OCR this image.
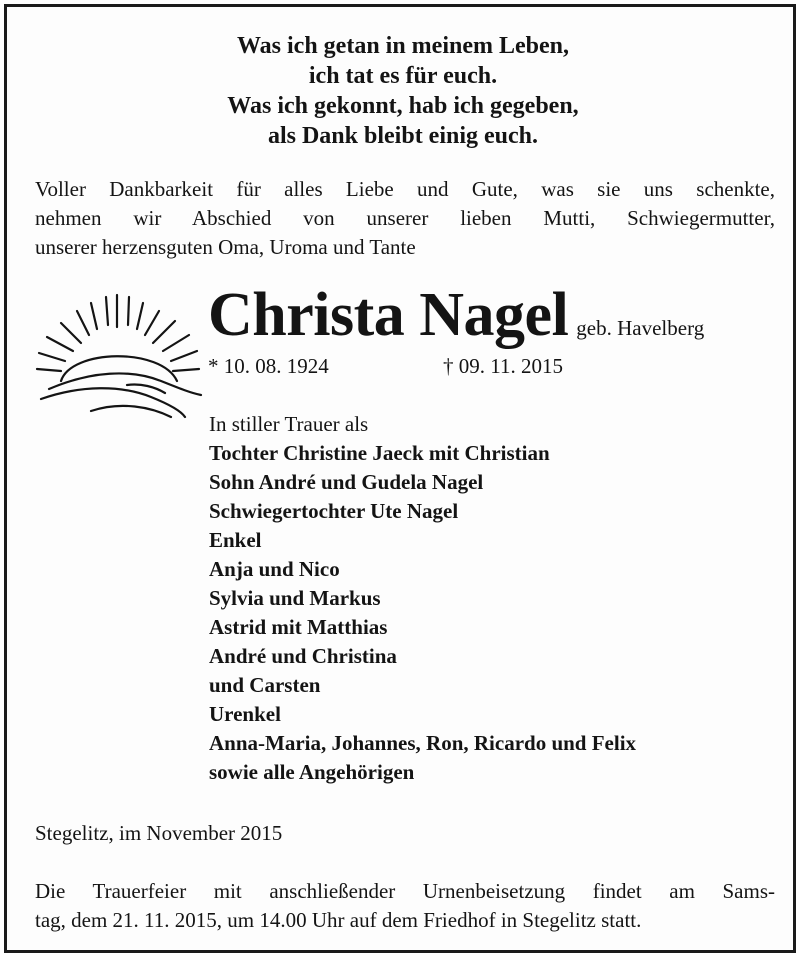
Was ich getan in meinem Leben,
ich tat es für euch.
Was ich gekonnt, hab ich gegeben,
als Dank bleibt einig euch.
Voller Dankbarkeit für alles Liebe und Gute, was sie uns schenkte,
nehmen wir Abschied von unserer lieben Mutti, Schwiegermutter,
unserer herzensguten Oma, Uroma und Tante
Christa Nagel geb. Havelberg
* 10. 08. 1924	† 09. 11. 2015
In stiller Trauer als
Tochter Christine Jaeck mit Christian
Sohn André und Gudela Nagel
Schwiegertochter Ute Nagel
Enkel
Anja und Nico
Sylvia und Markus
Astrid mit Matthias
André und Christina
und Carsten
Urenkel
Anna-Maria, Johannes, Ron, Ricardo und Felix
sowie alle Angehörigen
Stegelitz, im November 2015
Die Trauerfeier mit anschließender Urnenbeisetzung findet am Sams-
tag, dem 21. 11. 2015, um 14.00 Uhr auf dem Friedhof in Stegelitz statt.
